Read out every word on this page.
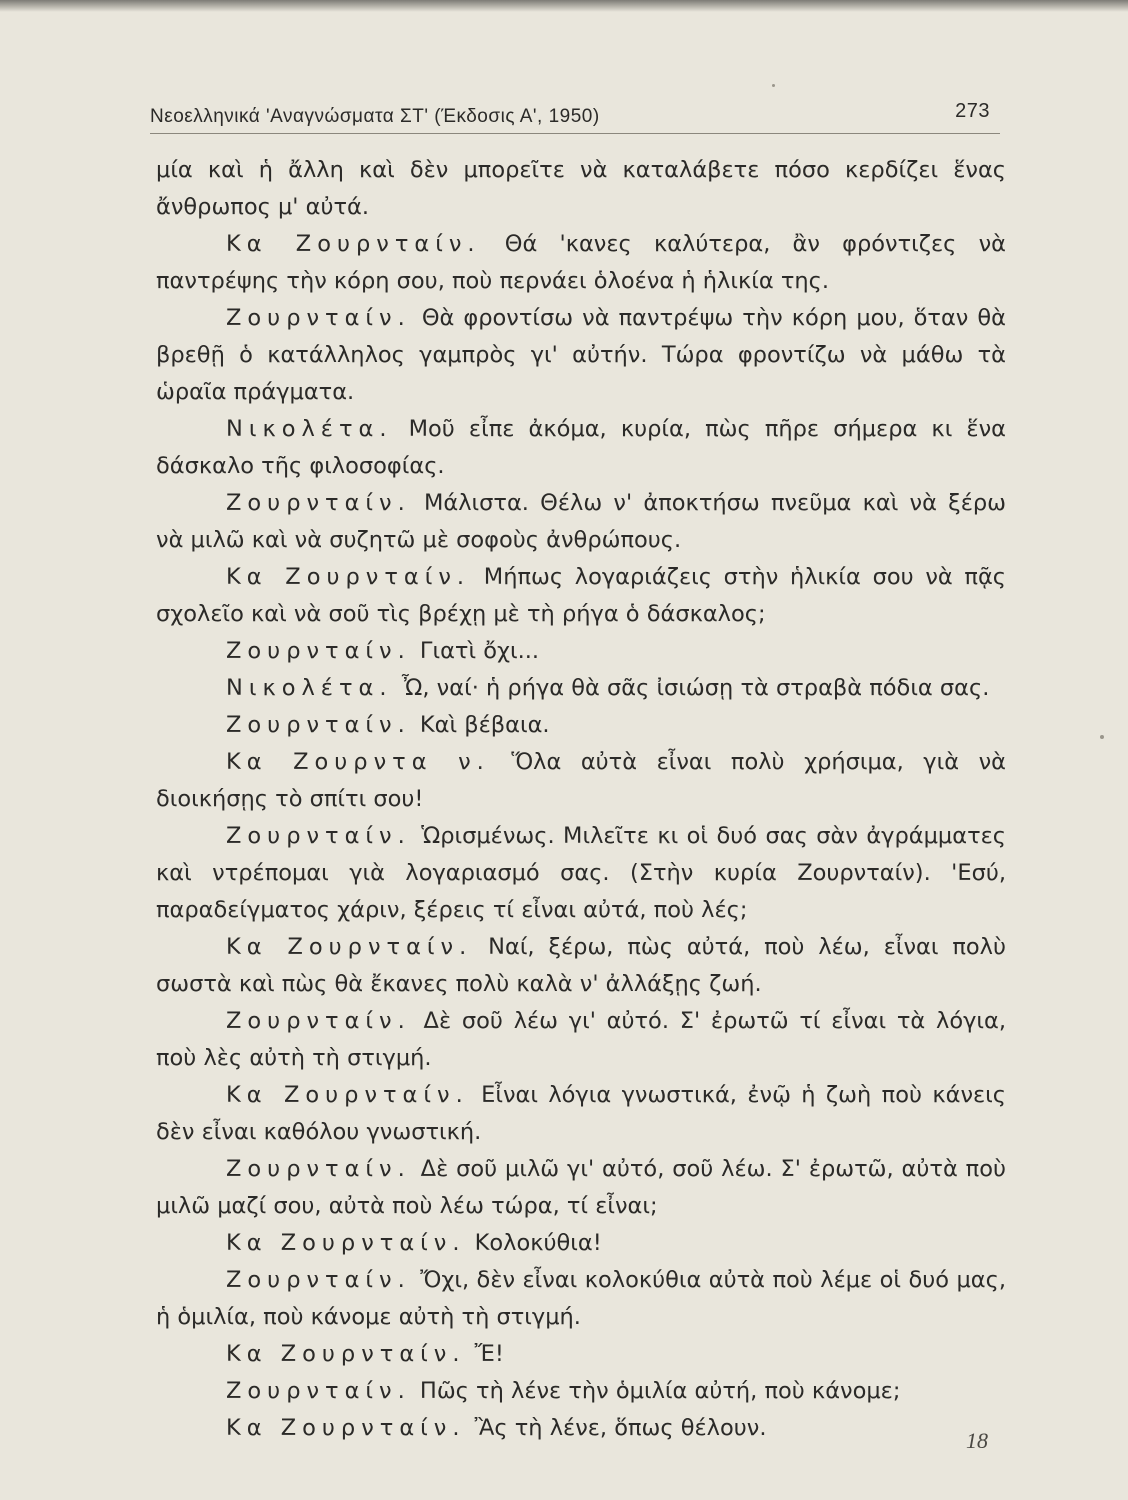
Νεοελληνικά 'Αναγνώσματα ΣΤ' (Έκδοσις Α', 1950)	273

μία καὶ ἡ ἄλλη καὶ δὲν μπορεῖτε νὰ καταλάβετε πόσο κερδίζει ἕνας ἄνθρωπος μ' αὐτά.

Κα Ζουρνταίν. Θά 'κανες καλύτερα, ἂν φρόντιζες νὰ παντρέψης τὴν κόρη σου, ποὺ περνάει ὁλοένα ἡ ἡλικία της.

Ζουρνταίν. Θὰ φροντίσω νὰ παντρέψω τὴν κόρη μου, ὅταν θὰ βρεθῇ ὁ κατάλληλος γαμπρὸς γι' αὐτήν. Τώρα φροντίζω νὰ μάθω τὰ ὡραῖα πράγματα.

Νικολέτα. Μοῦ εἶπε ἀκόμα, κυρία, πὼς πῆρε σήμερα κι ἕνα δάσκαλο τῆς φιλοσοφίας.

Ζουρνταίν. Μάλιστα. Θέλω ν' ἀποκτήσω πνεῦμα καὶ νὰ ξέρω νὰ μιλῶ καὶ νὰ συζητῶ μὲ σοφοὺς ἀνθρώπους.

Κα Ζουρνταίν. Μήπως λογαριάζεις στὴν ἡλικία σου νὰ πᾷς σχολεῖο καὶ νὰ σοῦ τὶς βρέχῃ μὲ τὴ ρήγα ὁ δάσκαλος;

Ζουρνταίν. Γιατὶ ὄχι...

Νικολέτα. Ὦ, ναί· ἡ ρήγα θὰ σᾶς ἰσιώσῃ τὰ στραβὰ πόδια σας.

Ζουρνταίν. Καὶ βέβαια.

Κα Ζουρντα ν. Ὅλα αὐτὰ εἶναι πολὺ χρήσιμα, γιὰ νὰ διοικήσῃς τὸ σπίτι σου!

Ζουρνταίν. Ὡρισμένως. Μιλεῖτε κι οἱ δυό σας σὰν ἀγράμματες καὶ ντρέπομαι γιὰ λογαριασμό σας. (Στὴν κυρία Ζουρνταίν). 'Εσύ, παραδείγματος χάριν, ξέρεις τί εἶναι αὐτά, ποὺ λές;

Κα Ζουρνταίν. Ναί, ξέρω, πὼς αὐτά, ποὺ λέω, εἶναι πολὺ σωστὰ καὶ πὼς θὰ ἔκανες πολὺ καλὰ ν' ἀλλάξῃς ζωή.

Ζουρνταίν. Δὲ σοῦ λέω γι' αὐτό. Σ' ἐρωτῶ τί εἶναι τὰ λόγια, ποὺ λὲς αὐτὴ τὴ στιγμή.

Κα Ζουρνταίν. Εἶναι λόγια γνωστικά, ἐνῷ ἡ ζωὴ ποὺ κάνεις δὲν εἶναι καθόλου γνωστική.

Ζουρνταίν. Δὲ σοῦ μιλῶ γι' αὐτό, σοῦ λέω. Σ' ἐρωτῶ, αὐτὰ ποὺ μιλῶ μαζί σου, αὐτὰ ποὺ λέω τώρα, τί εἶναι;

Κα Ζουρνταίν. Κολοκύθια!

Ζουρνταίν. Ὄχι, δὲν εἶναι κολοκύθια αὐτὰ ποὺ λέμε οἱ δυό μας, ἡ ὁμιλία, ποὺ κάνομε αὐτὴ τὴ στιγμή.

Κα Ζουρνταίν. Ἔ!

Ζουρνταίν. Πῶς τὴ λένε τὴν ὁμιλία αὐτή, ποὺ κάνομε;

Κα Ζουρνταίν. Ἂς τὴ λένε, ὅπως θέλουν.	18
